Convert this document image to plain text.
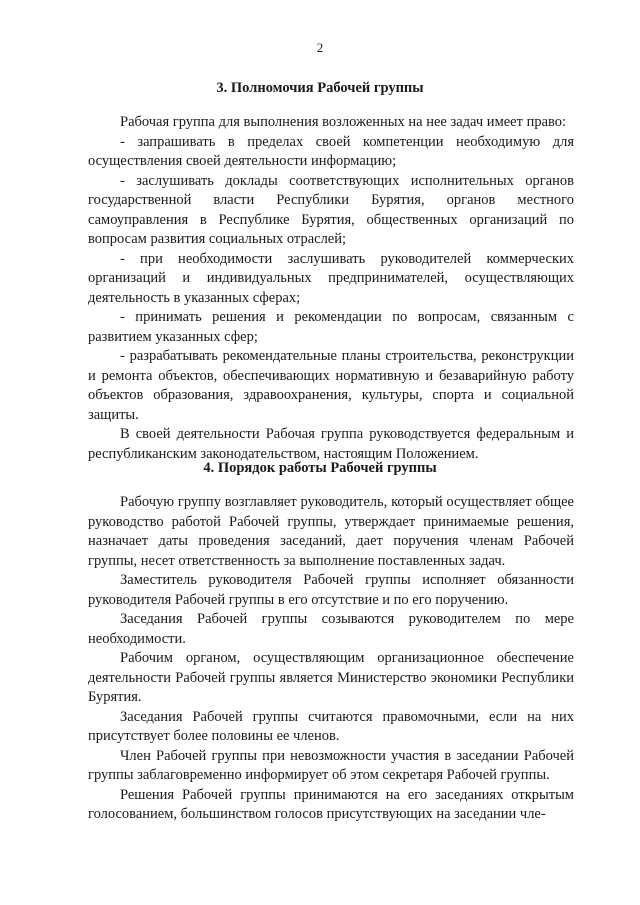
2
3. Полномочия Рабочей группы

Рабочая группа для выполнения возложенных на нее задач имеет право:

- запрашивать в пределах своей компетенции необходимую для осуществления своей деятельности информацию;

- заслушивать доклады соответствующих исполнительных органов государственной власти Республики Бурятия, органов местного самоуправления в Республике Бурятия, общественных организаций по вопросам развития социальных отраслей;

- при необходимости заслушивать руководителей коммерческих организаций и индивидуальных предпринимателей, осуществляющих деятельность в указанных сферах;

- принимать решения и рекомендации по вопросам, связанным с развитием указанных сфер;

- разрабатывать рекомендательные планы строительства, реконструкции и ремонта объектов, обеспечивающих нормативную и безаварийную работу объектов образования, здравоохранения, культуры, спорта и социальной защиты.

В своей деятельности Рабочая группа руководствуется федеральным и республиканским законодательством, настоящим Положением.

4. Порядок работы Рабочей группы

Рабочую группу возглавляет руководитель, который осуществляет общее руководство работой Рабочей группы, утверждает принимаемые решения, назначает даты проведения заседаний, дает поручения членам Рабочей группы, несет ответственность за выполнение поставленных задач.

Заместитель руководителя Рабочей группы исполняет обязанности руководителя Рабочей группы в его отсутствие и по его поручению.

Заседания Рабочей группы созываются руководителем по мере необходимости.

Рабочим органом, осуществляющим организационное обеспечение деятельности Рабочей группы является Министерство экономики Республики Бурятия.

Заседания Рабочей группы считаются правомочными, если на них присутствует более половины ее членов.

Член Рабочей группы при невозможности участия в заседании Рабочей группы заблаговременно информирует об этом секретаря Рабочей группы.

Решения Рабочей группы принимаются на его заседаниях открытым голосованием, большинством голосов присутствующих на заседании чле-
